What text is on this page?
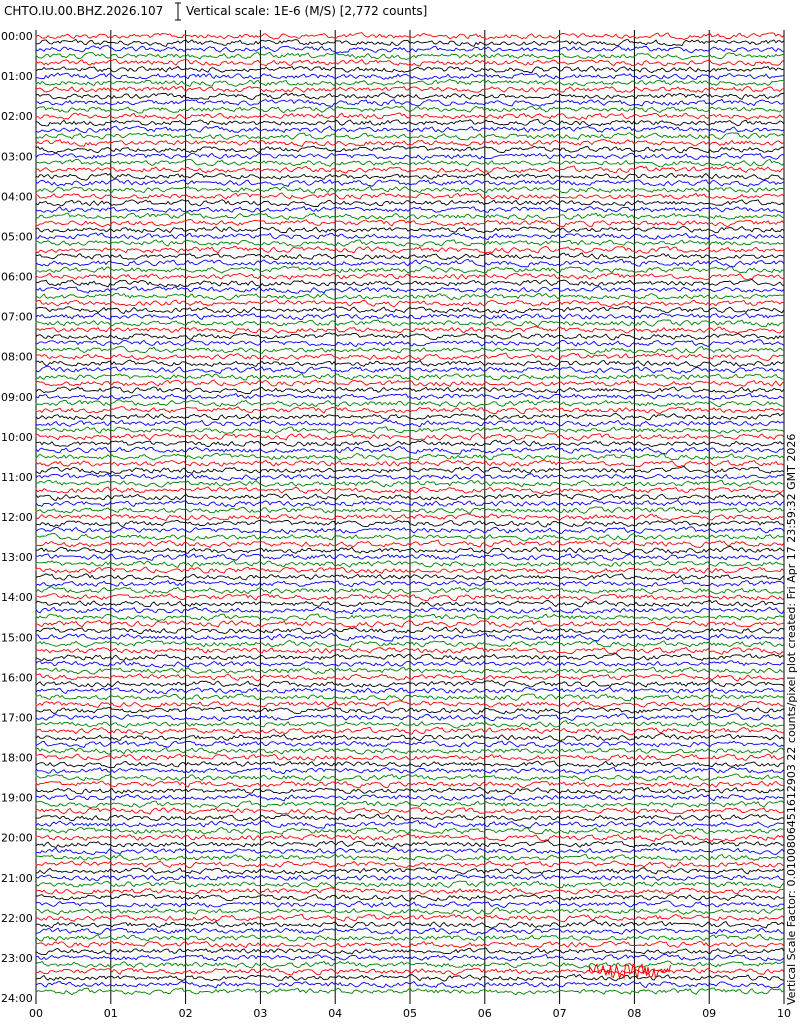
CHTO.IU.00.BHZ.2026.107 Vertical scale: 1E-6 (M/S) [2,772 counts]
00:00
01:00
02:00
03:00
04:00
05:00
06:00
07:00
08:00
09:00
10:00
11:00
12:00
13:00
14:00
15:00
16:00
17:00
18:00
19:00
20:00
21:00
22:00
23:00
24:00
00	01	02	03	04	05	06	07	08	09	10
Vertical Scale Factor: 0.0100806451612903 22 counts/pixel plot created: Fri Apr 17 23:59:32 GMT 2026
